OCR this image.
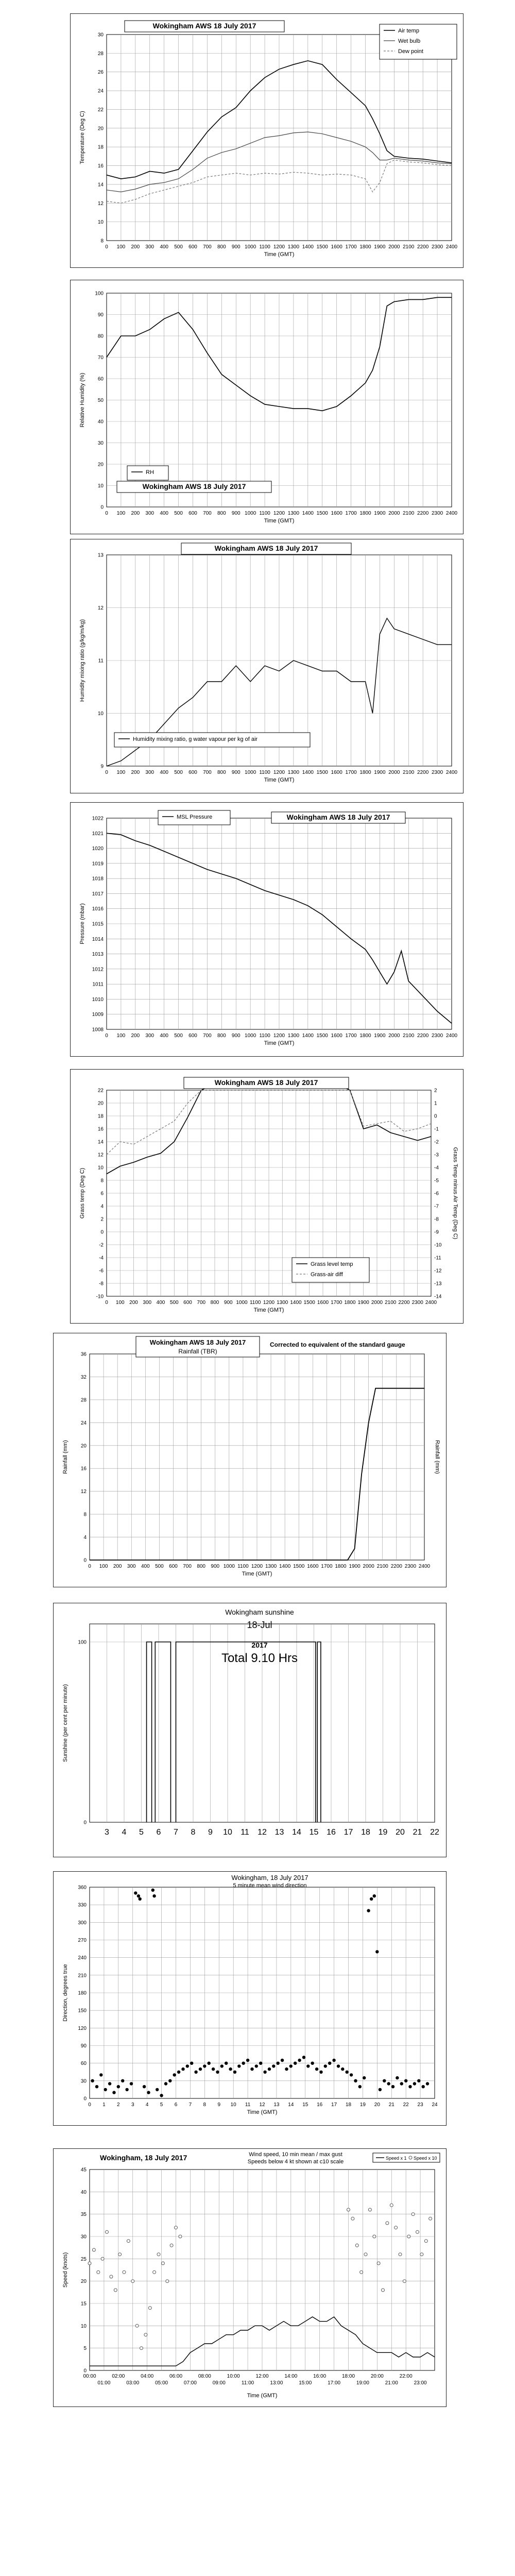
0 100 200 300 400 500 600 700 800 900 1000 1100 1200 1300 1400 1500 1600 1700 1800 1900 2000 2100 2200 2300 2400
8
10
12
14
16
18
20
22
24
26
28
30
Time (GMT)
Temperature (Deg C)
Wokingham AWS 18 July 2017
Air temp
Wet bulb
Dew point
0 100 200 300 400 500 600 700 800 900 1000 1100 1200 1300 1400 1500 1600 1700 1800 1900 2000 2100 2200 2300 2400
0
10
20
30
40
50
60
70
80
90
100
Time (GMT)
Relative Humidity (%)
RH
Wokingham AWS 18 July 2017
0 100 200 300 400 500 600 700 800 900 1000 1100 1200 1300 1400 1500 1600 1700 1800 1900 2000 2100 2200 2300 2400
9
10
11
12
13
Time (GMT)
Humidity mixing ratio (g/kg/m/kg)
Wokingham AWS 18 July 2017
Humidity mixing ratio, g water vapour per kg of air
0 100 200 300 400 500 600 700 800 900 1000 1100 1200 1300 1400 1500 1600 1700 1800 1900 2000 2100 2200 2300 2400
1008
1009
1010
1011
1012
1013
1014
1015
1016
1017
1018
1019
1020
1021
1022
Time (GMT)
Pressure (mbar)
MSL Pressure	Wokingham AWS 18 July 2017
0 100 200 300 400 500 600 700 800 900 1000 1100 1200 1300 1400 1500 1600 1700 1800 1900 2000 2100 2200 2300 2400
-10
-8
-6
-4
-2
0
2
4
6
8
10
12
14
16
18
20
22
Time (GMT)
Grass temp (Deg C)
-14
-13
-12
-11
-10
-9
-8
-7
-6
-5
-4
-3
-2
-1
0
1
2
Grass Temp minus Air Temp (Deg C)
Wokingham AWS 18 July 2017
Grass level temp
Grass-air diff
0 100 200 300 400 500 600 700 800 900 1000 1100 1200 1300 1400 1500 1600 1700 1800 1900 2000 2100 2200 2300 2400
0
4
8
12
16
20
24
28
32
36
Time (GMT)
Rainfall (mm)
Wokingham AWS 18 July 2017
Rainfall (TBR)
Corrected to equivalent of the standard gauge
Rainfall (mm)
0
100
Sunshine (per cent per minute)
3 4 5 6 7 8 9 10 11 12 13 14 15 16 17 18 19 20 21 22
Wokingham sunshine
18-Jul
2017
Total 9.10 Hrs
0 1 2 3 4 5 6 7 8 9 10 11 12 13 14 15 16 17 18 19 20 21 22 23 24
0
30
60
90
120
150
180
210
240
270
300
330
360
Time (GMT)
Direction, degrees true
Wokingham, 18 July 2017
5 minute mean wind direction
0
5
10
15
20
25
30
35
40
45
Time (GMT)
Speed (knots)
00:00	02:00	04:00	06:00	08:00	10:00	12:00	14:00	16:00	18:00	20:00	22:00
01:00	03:00	05:00	07:00	09:00	11:00	13:00	15:00	17:00	19:00	21:00	23:00
Wokingham, 18 July 2017	Wind speed, 10 min mean / max gust
Speeds below 4 kt shown at c10 scale
Speed x 1 Speed x 10
